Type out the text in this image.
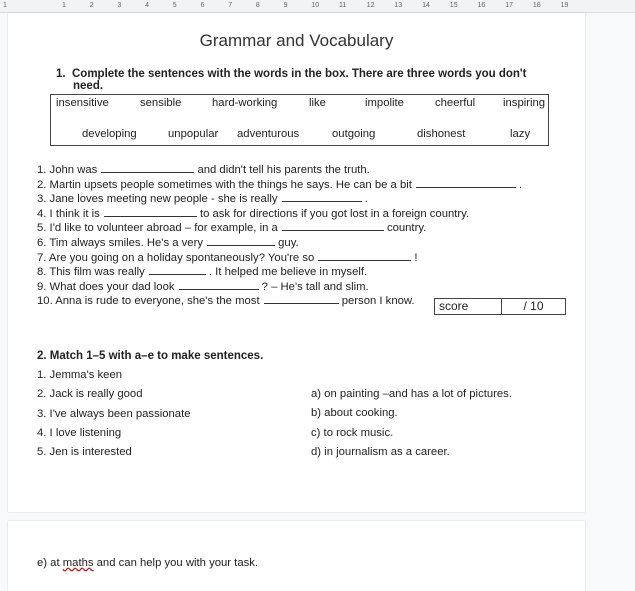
1	1	2	3	4	5	6	7	8	9	10	11	12	13	14	15	16	17	18	19
Grammar and Vocabulary
1. Complete the sentences with the words in the box. There are three words you don't
need.
insensitive	sensible	hard-working	like	impolite	cheerful inspiring
developing	unpopular adventurous	outgoing	dishonest	lazy
1. John was	and didn't tell his parents the truth.
2. Martin upsets people sometimes with the things he says. He can be a bit	.
3. Jane loves meeting new people - she is really	.
4. I think it is	to ask for directions if you got lost in a foreign country.
5. I'd like to volunteer abroad – for example, in a	country.
6. Tim always smiles. He's a very	guy.
7. Are you going on a holiday spontaneously? You're so	!
8. This film was really	. It helped me believe in myself.
9. What does your dad look	? – He's tall and slim.
10. Anna is rude to everyone, she's the most	person I know.	score	/ 10
2. Match 1–5 with a–e to make sentences.
1. Jemma's keen
2. Jack is really good
3. I've always been passionate
4. I love listening
5. Jen is interested
a) on painting –and has a lot of pictures.
b) about cooking.
c) to rock music.
d) in journalism as a career.
e) at maths and can help you with your task.
